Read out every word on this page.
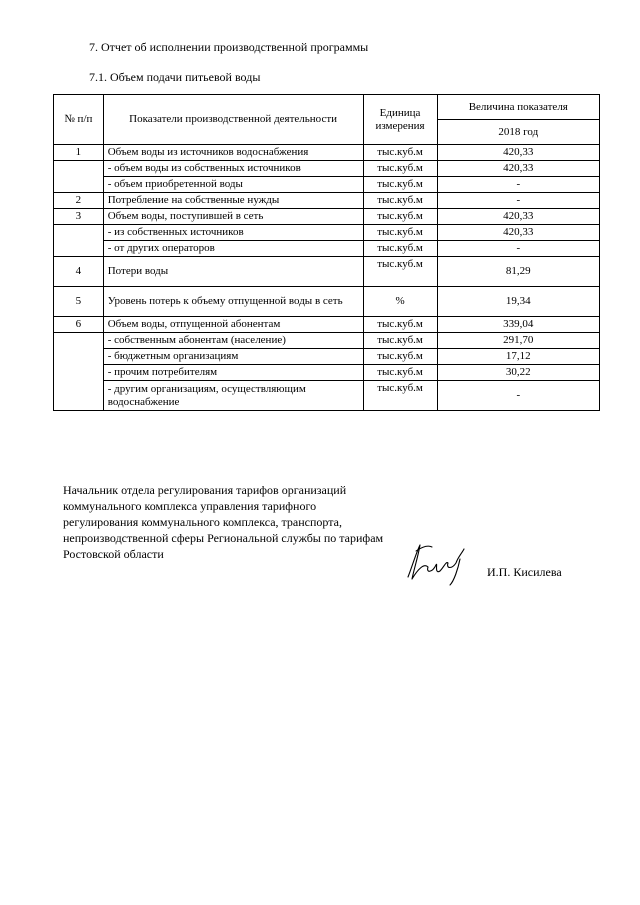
7. Отчет об исполнении производственной программы
7.1. Объем подачи питьевой воды
№ п/п	Показатели производственной деятельности	Единица измерения	Величина показателя
			2018 год
1	Объем воды из источников водоснабжения	тыс.куб.м	420,33
	- объем воды из собственных источников	тыс.куб.м	420,33
	- объем приобретенной воды	тыс.куб.м	-
2	Потребление на собственные нужды	тыс.куб.м	-
3	Объем воды, поступившей в сеть	тыс.куб.м	420,33
	- из собственных источников	тыс.куб.м	420,33
	- от других операторов	тыс.куб.м	-
4	Потери воды	тыс.куб.м	81,29
5	Уровень потерь к объему отпущенной воды в сеть	%	19,34
6	Объем воды, отпущенной абонентам	тыс.куб.м	339,04
	- собственным абонентам (население)	тыс.куб.м	291,70
	- бюджетным организациям	тыс.куб.м	17,12
	- прочим потребителям	тыс.куб.м	30,22
	- другим организациям, осуществляющим водоснабжение	тыс.куб.м	-

Начальник отдела регулирования тарифов организаций коммунального комплекса управления тарифного регулирования коммунального комплекса, транспорта, непроизводственной сферы Региональной службы по тарифам Ростовской области

И.П. Кисилева
